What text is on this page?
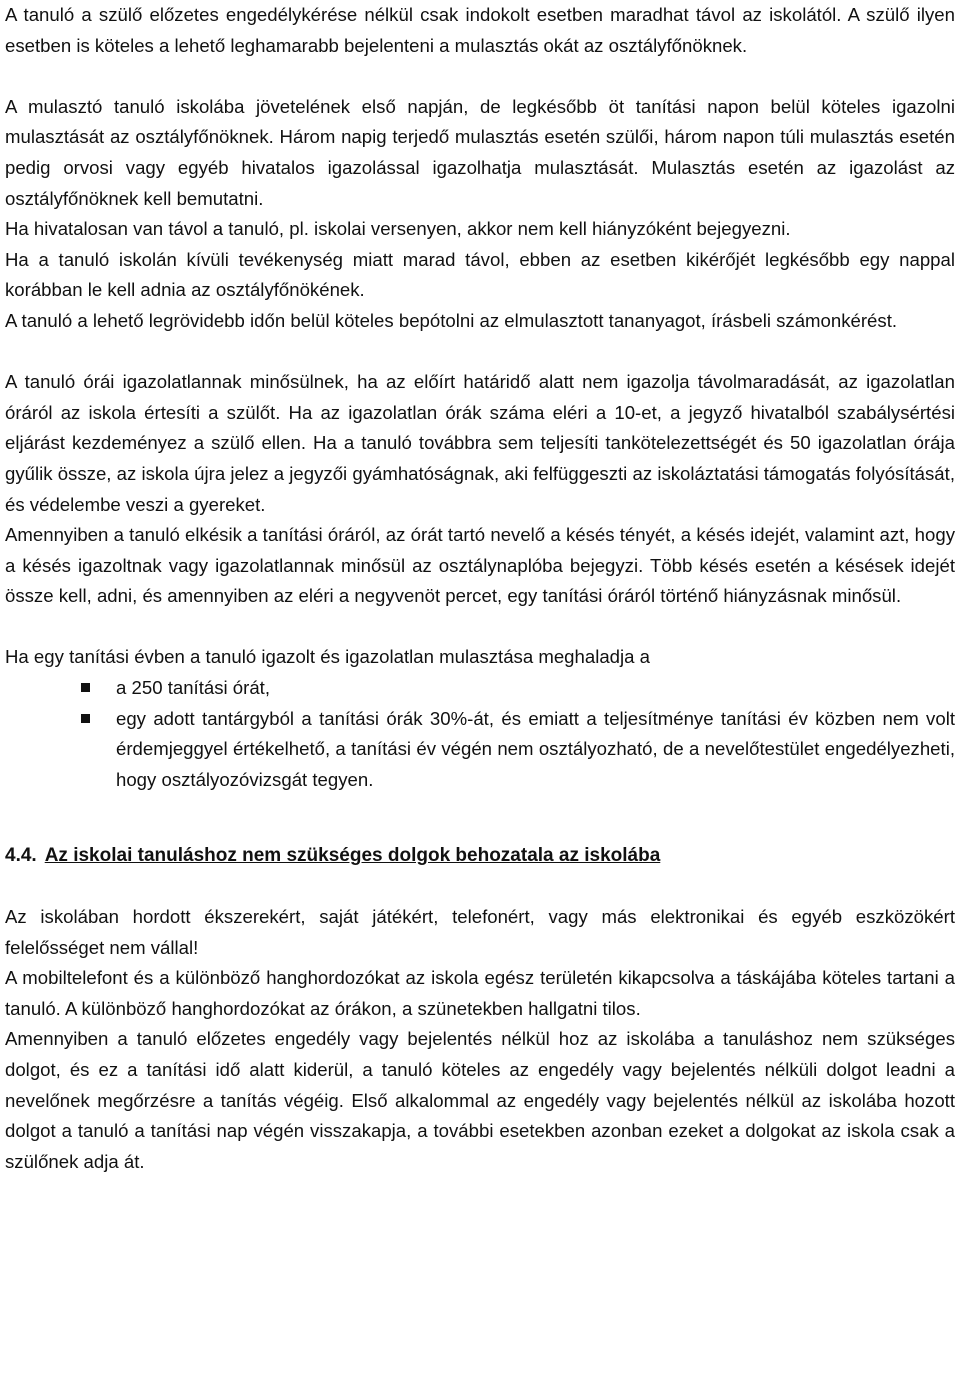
A tanuló a szülő előzetes engedélykérése nélkül csak indokolt esetben maradhat távol az iskolától. A szülő ilyen esetben is köteles a lehető leghamarabb bejelenteni a mulasztás okát az osztályfőnöknek.

A mulasztó tanuló iskolába jövetelének első napján, de legkésőbb öt tanítási napon belül köteles igazolni mulasztását az osztályfőnöknek. Három napig terjedő mulasztás esetén szülői, három napon túli mulasztás esetén pedig orvosi vagy egyéb hivatalos igazolással igazolhatja mulasztását. Mulasztás esetén az igazolást az osztályfőnöknek kell bemutatni.

Ha hivatalosan van távol a tanuló, pl. iskolai versenyen, akkor nem kell hiányzóként bejegyezni.

Ha a tanuló iskolán kívüli tevékenység miatt marad távol, ebben az esetben kikérőjét legkésőbb egy nappal korábban le kell adnia az osztályfőnökének.

A tanuló a lehető legrövidebb időn belül köteles bepótolni az elmulasztott tananyagot, írásbeli számonkérést.

A tanuló órái igazolatlannak minősülnek, ha az előírt határidő alatt nem igazolja távolmaradását, az igazolatlan óráról az iskola értesíti a szülőt. Ha az igazolatlan órák száma eléri a 10-et, a jegyző hivatalból szabálysértési eljárást kezdeményez a szülő ellen. Ha a tanuló továbbra sem teljesíti tankötelezettségét és 50 igazolatlan órája gyűlik össze, az iskola újra jelez a jegyzői gyámhatóságnak, aki felfüggeszti az iskoláztatási támogatás folyósítását, és védelembe veszi a gyereket.

Amennyiben a tanuló elkésik a tanítási óráról, az órát tartó nevelő a késés tényét, a késés idejét, valamint azt, hogy a késés igazoltnak vagy igazolatlannak minősül az osztálynaplóba bejegyzi. Több késés esetén a késések idejét össze kell, adni, és amennyiben az eléri a negyvenöt percet, egy tanítási óráról történő hiányzásnak minősül.

Ha egy tanítási évben a tanuló igazolt és igazolatlan mulasztása meghaladja a

a 250 tanítási órát,
egy adott tantárgyból a tanítási órák 30%-át, és emiatt a teljesítménye tanítási év közben nem volt érdemjeggyel értékelhető, a tanítási év végén nem osztályozható, de a nevelőtestület engedélyezheti, hogy osztályozóvizsgát tegyen.

4.4. Az iskolai tanuláshoz nem szükséges dolgok behozatala az iskolába

Az iskolában hordott ékszerekért, saját játékért, telefonért, vagy más elektronikai és egyéb eszközökért felelősséget nem vállal!

A mobiltelefont és a különböző hanghordozókat az iskola egész területén kikapcsolva a táskájába köteles tartani a tanuló. A különböző hanghordozókat az órákon, a szünetekben hallgatni tilos.

Amennyiben a tanuló előzetes engedély vagy bejelentés nélkül hoz az iskolába a tanuláshoz nem szükséges dolgot, és ez a tanítási idő alatt kiderül, a tanuló köteles az engedély vagy bejelentés nélküli dolgot leadni a nevelőnek megőrzésre a tanítás végéig. Első alkalommal az engedély vagy bejelentés nélkül az iskolába hozott dolgot a tanuló a tanítási nap végén visszakapja, a további esetekben azonban ezeket a dolgokat az iskola csak a szülőnek adja át.
